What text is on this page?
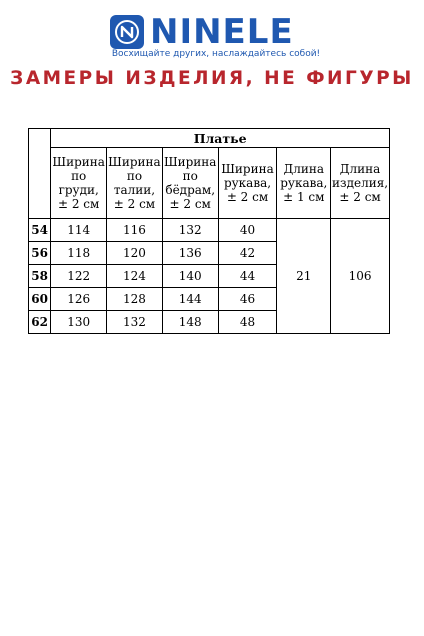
NINELE
Восхищайте других, наслаждайтесь собой!
ЗАМЕРЫ ИЗДЕЛИЯ, НЕ ФИГУРЫ
	Платье					
	Ширина
по
груди,
± 2 см	Ширина
по
талии,
± 2 см	Ширина
по
бёдрам,
± 2 см	Ширина
рукава,
± 2 см	Длина
рукава,
± 1 см	Длина
изделия,
± 2 см
54	114	116	132	40	21	106
56	118	120	136	42		
58	122	124	140	44		
60	126	128	144	46		
62	130	132	148	48		
